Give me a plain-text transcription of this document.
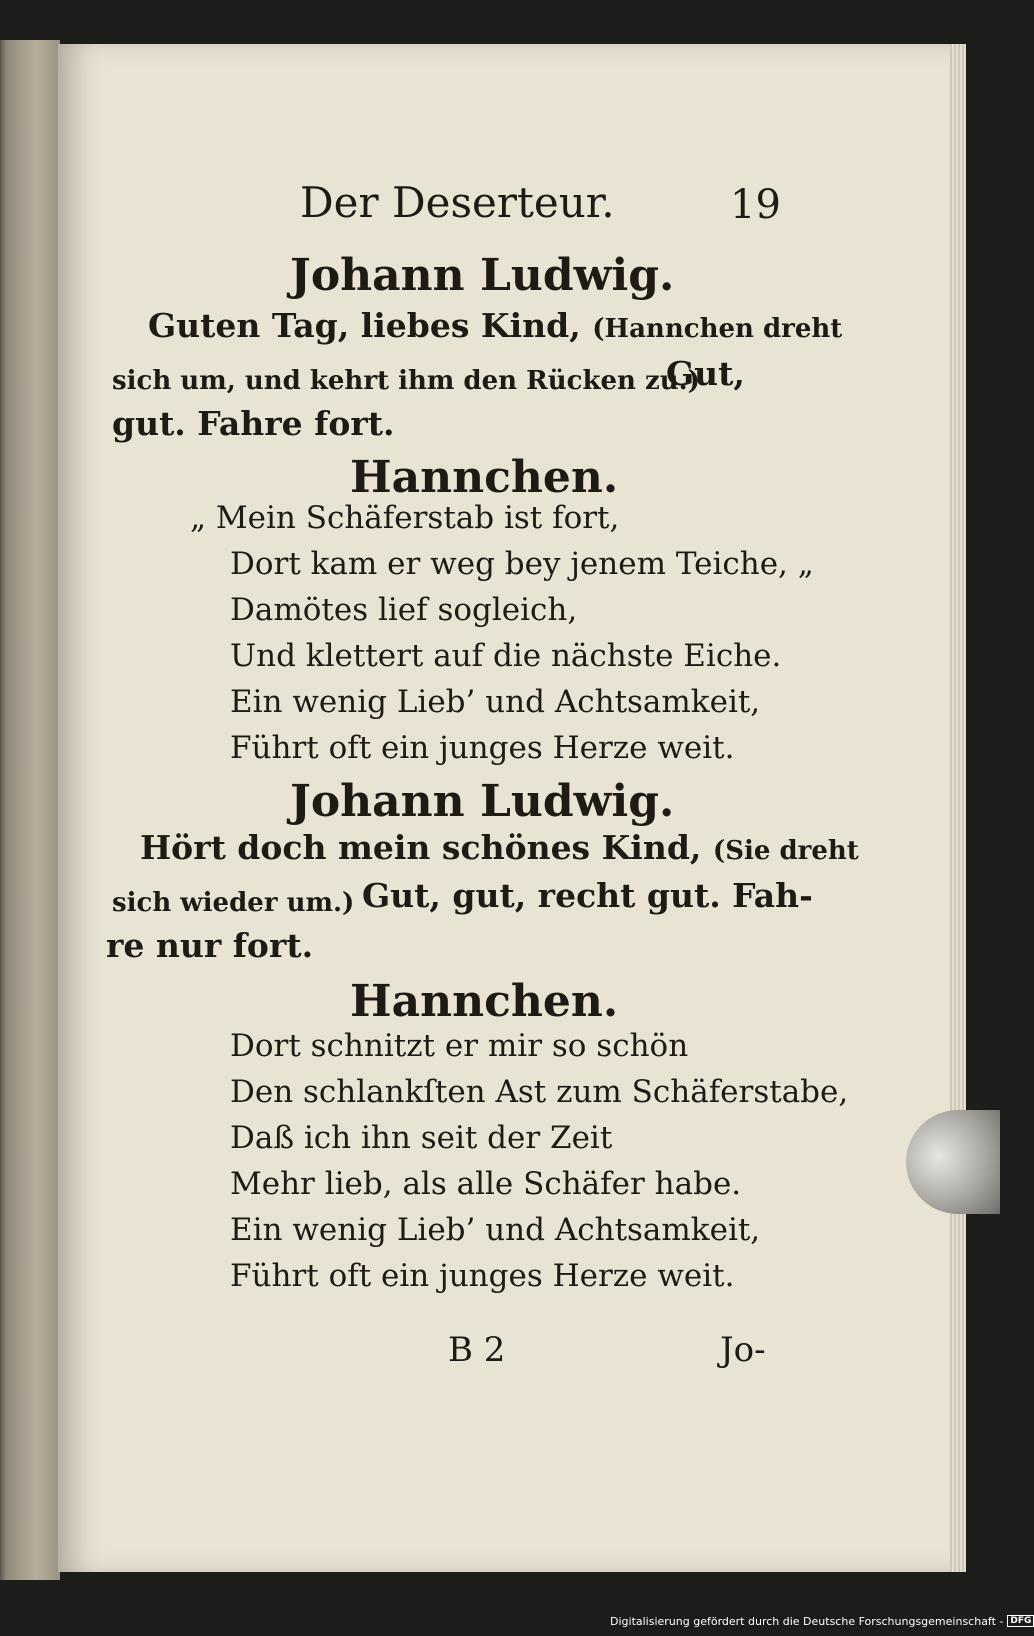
Der Deserteur.	19
Johann Ludwig.
Guten Tag, liebes Kind, (Hannchen dreht
sich um, und kehrt ihm den Rücken zu.)
Gut,
gut. Fahre fort.
Hannchen.
„ Mein Schäferstab ist fort,
Dort kam er weg bey jenem Teiche, „
Damötes lief sogleich,
Und klettert auf die nächste Eiche.
Ein wenig Lieb’ und Achtsamkeit,
Führt oft ein junges Herze weit.
Johann Ludwig.
Hört doch mein schönes Kind, (Sie dreht
sich wieder um.) Gut, gut, recht gut. Fah-
re nur fort.
Hannchen.
Dort schnitzt er mir so schön
Den schlankſten Ast zum Schäferstabe,
Daß ich ihn seit der Zeit
Mehr lieb, als alle Schäfer habe.
Ein wenig Lieb’ und Achtsamkeit,
Führt oft ein junges Herze weit.
B 2	Jo-
Digitalisierung gefördert durch die Deutsche Forschungsgemeinschaft - DFG
